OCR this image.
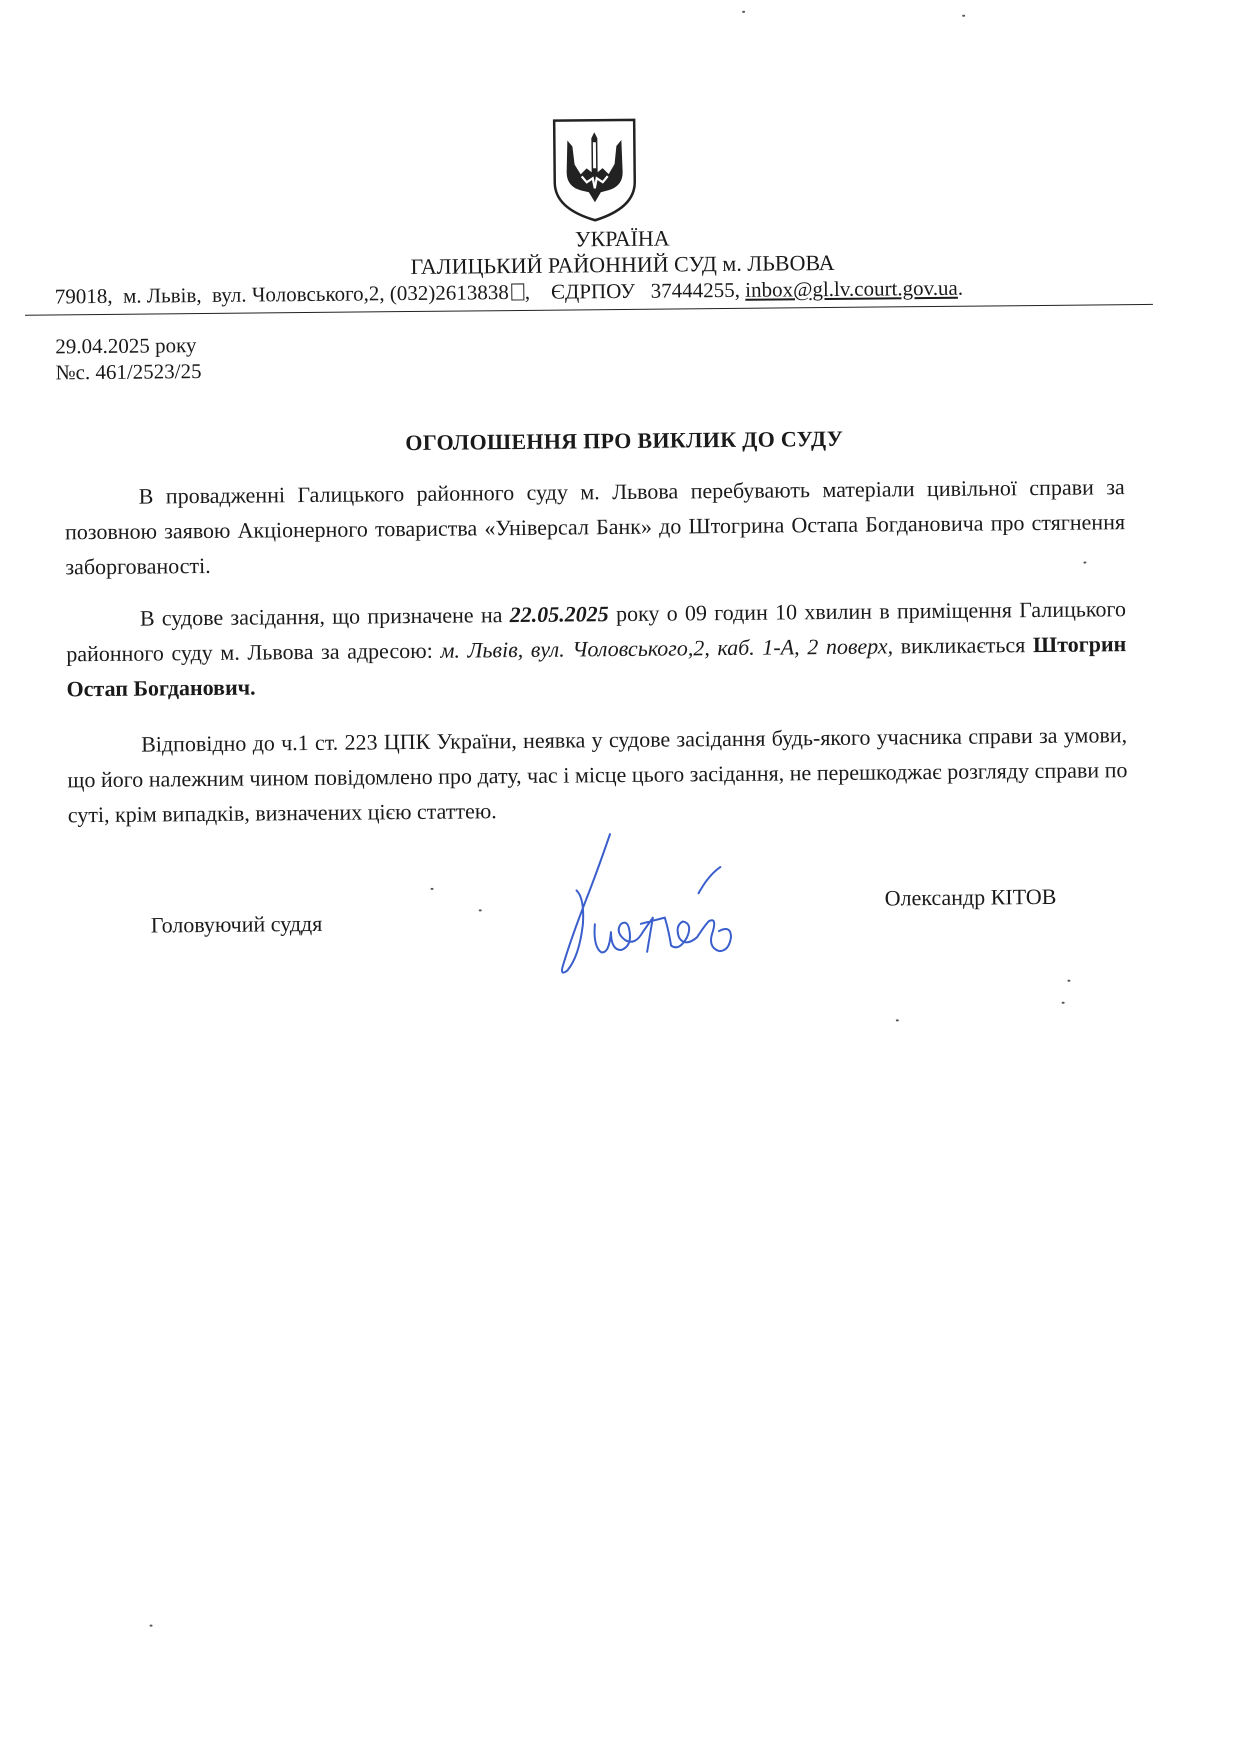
УКРАЇНА
ГАЛИЦЬКИЙ РАЙОННИЙ СУД м. ЛЬВОВА
79018, м. Львів, вул. Чоловського,2, (032)2613838 ,    ЄДРПОУ 37444255, inbox@gl.lv.court.gov.ua.
29.04.2025 року
№с. 461/2523/25
ОГОЛОШЕННЯ ПРО ВИКЛИК ДО СУДУ

В провадженні Галицького районного суду м. Львова перебувають матеріали цивільної справи за позовною заявою Акціонерного товариства «Універсал Банк» до Штогрина Остапа Богдановича про стягнення заборгованості.

В судове засідання, що призначене на 22.05.2025 року о 09 годин 10 хвилин в приміщення Галицького районного суду м. Львова за адресою: м. Львів, вул. Чоловського,2, каб. 1-А, 2 поверх, викликається Штогрин Остап Богданович.

Відповідно до ч.1 ст. 223 ЦПК України, неявка у судове засідання будь-якого учасника справи за умови, що його належним чином повідомлено про дату, час і місце цього засідання, не перешкоджає розгляду справи по суті, крім випадків, визначених цією статтею.

Головуючий суддя
Олександр КІТОВ
